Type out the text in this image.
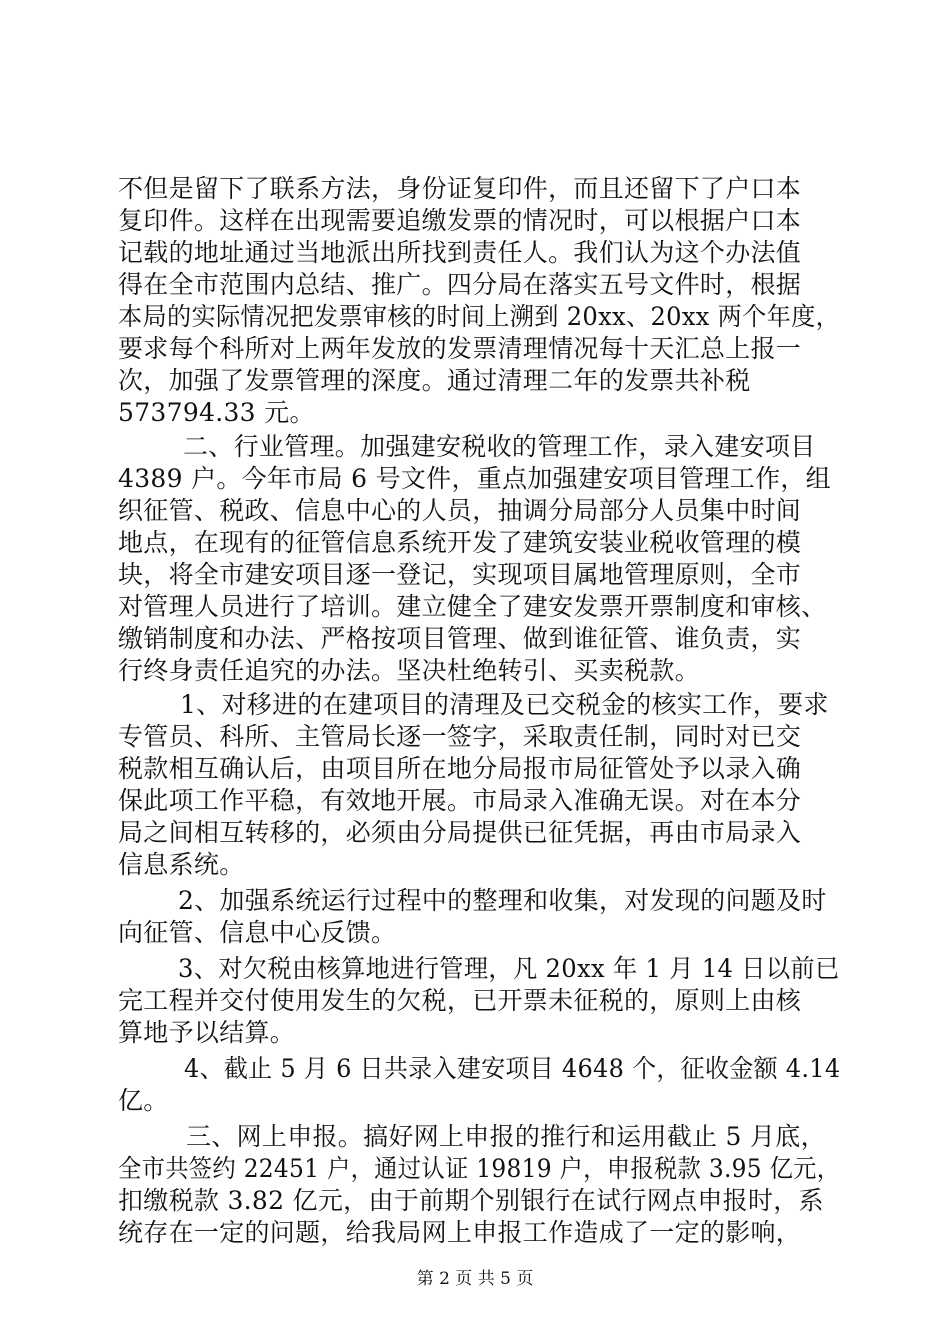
不但是留下了联系方法，身份证复印件，而且还留下了户口本
复印件。这样在出现需要追缴发票的情况时，可以根据户口本
记载的地址通过当地派出所找到责任人。我们认为这个办法值
得在全市范围内总结、推广。四分局在落实五号文件时，根据
本局的实际情况把发票审核的时间上溯到 20xx、20xx 两个年度，
要求每个科所对上两年发放的发票清理情况每十天汇总上报一
次，加强了发票管理的深度。通过清理二年的发票共补税
573794.33 元。
二、行业管理。加强建安税收的管理工作，录入建安项目
4389 户。今年市局 6 号文件，重点加强建安项目管理工作，组
织征管、税政、信息中心的人员，抽调分局部分人员集中时间
地点，在现有的征管信息系统开发了建筑安装业税收管理的模
块，将全市建安项目逐一登记，实现项目属地管理原则，全市
对管理人员进行了培训。建立健全了建安发票开票制度和审核、
缴销制度和办法、严格按项目管理、做到谁征管、谁负责，实
行终身责任追究的办法。坚决杜绝转引、买卖税款。
1、对移进的在建项目的清理及已交税金的核实工作，要求
专管员、科所、主管局长逐一签字，采取责任制，同时对已交
税款相互确认后，由项目所在地分局报市局征管处予以录入确
保此项工作平稳，有效地开展。市局录入准确无误。对在本分
局之间相互转移的，必须由分局提供已征凭据，再由市局录入
信息系统。
2、加强系统运行过程中的整理和收集，对发现的问题及时
向征管、信息中心反馈。
3、对欠税由核算地进行管理，凡 20xx 年 1 月 14 日以前已
完工程并交付使用发生的欠税，已开票未征税的，原则上由核
算地予以结算。
4、截止 5 月 6 日共录入建安项目 4648 个，征收金额 4.14
亿。
三、网上申报。搞好网上申报的推行和运用截止 5 月底，
全市共签约 22451 户，通过认证 19819 户，申报税款 3.95 亿元，
扣缴税款 3.82 亿元，由于前期个别银行在试行网点申报时，系
统存在一定的问题，给我局网上申报工作造成了一定的影响，
第 2 页 共 5 页
